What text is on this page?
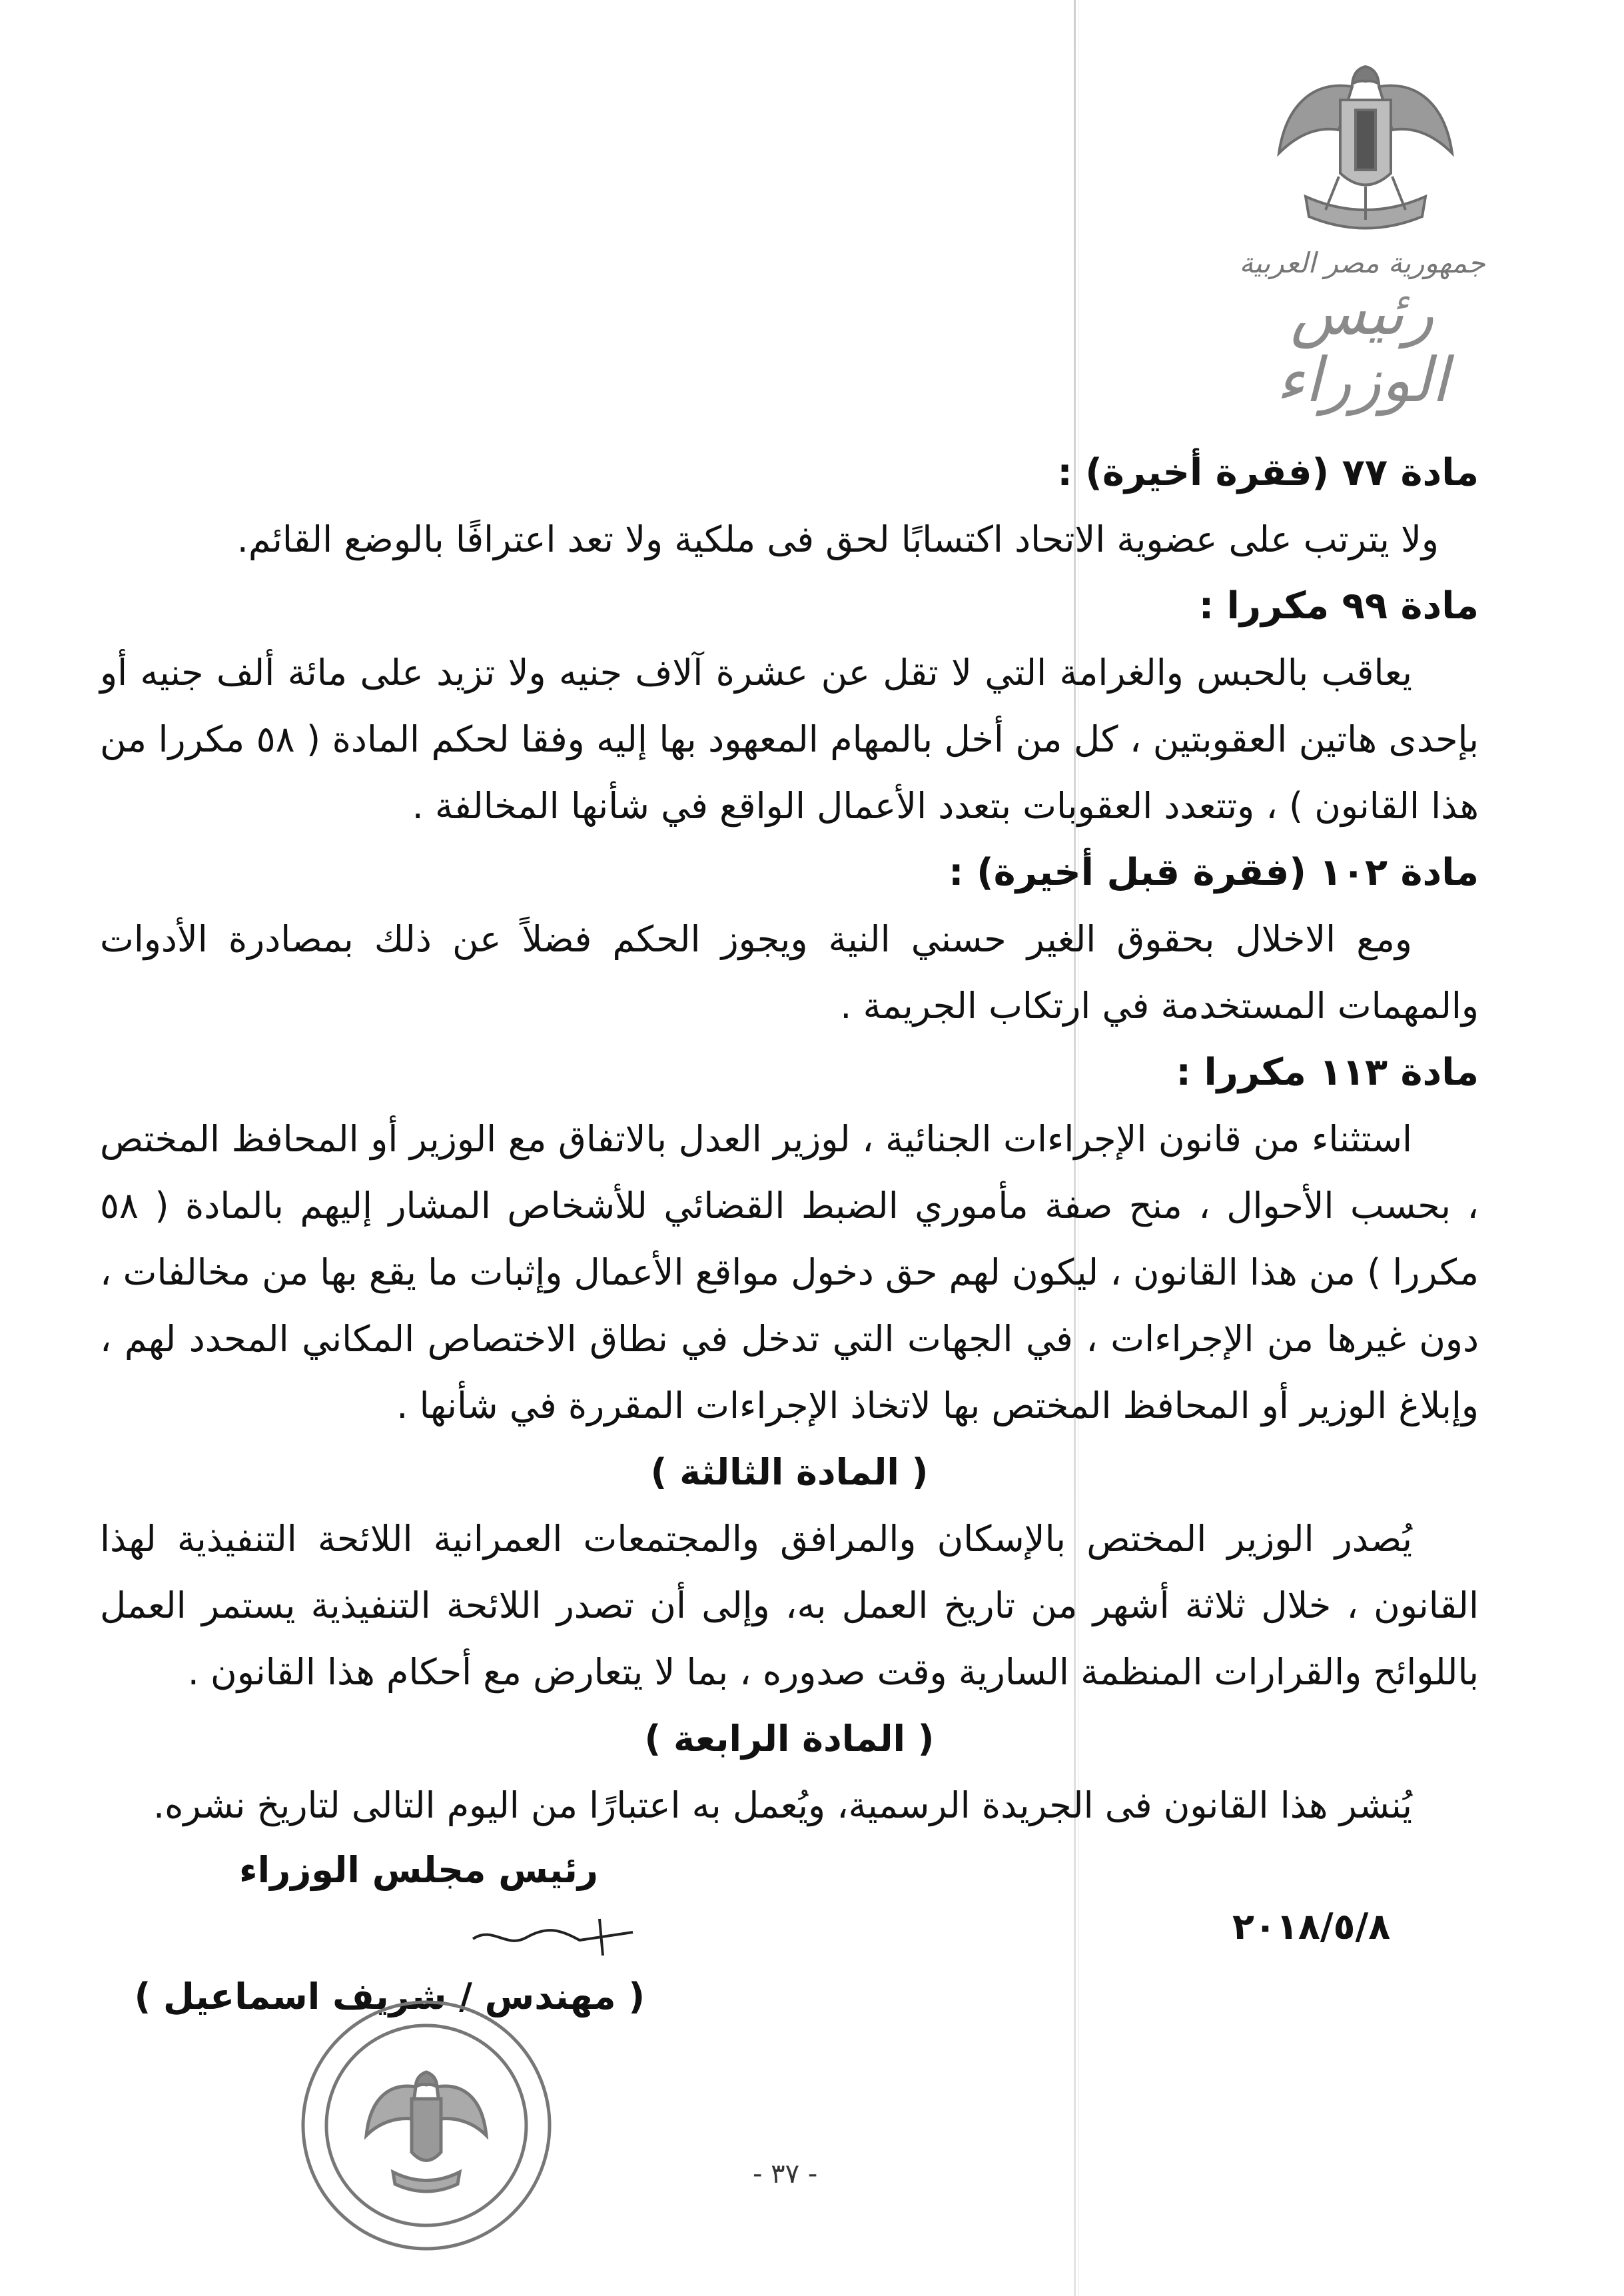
جمهورية مصر العربية
رئيس الوزراء
مادة ٧٧ (فقرة أخيرة) :
ولا يترتب على عضوية الاتحاد اكتسابًا لحق فى ملكية ولا تعد اعترافًا بالوضع القائم.
مادة ٩٩ مكررا :
يعاقب بالحبس والغرامة التي لا تقل عن عشرة آلاف جنيه ولا تزيد على مائة ألف جنيه أو بإحدى هاتين العقوبتين ، كل من أخل بالمهام المعهود بها إليه وفقا لحكم المادة ( ٥٨ مكررا من هذا القانون ) ، وتتعدد العقوبات بتعدد الأعمال الواقع في شأنها المخالفة .
مادة ١٠٢ (فقرة قبل أخيرة) :
ومع الاخلال بحقوق الغير حسني النية ويجوز الحكم فضلاً عن ذلك بمصادرة الأدوات والمهمات المستخدمة في ارتكاب الجريمة .
مادة ١١٣ مكررا :
استثناء من قانون الإجراءات الجنائية ، لوزير العدل بالاتفاق مع الوزير أو المحافظ المختص ، بحسب الأحوال ، منح صفة مأموري الضبط القضائي للأشخاص المشار إليهم بالمادة ( ٥٨ مكررا ) من هذا القانون ، ليكون لهم حق دخول مواقع الأعمال وإثبات ما يقع بها من مخالفات ، دون غيرها من الإجراءات ، في الجهات التي تدخل في نطاق الاختصاص المكاني المحدد لهم ، وإبلاغ الوزير أو المحافظ المختص بها لاتخاذ الإجراءات المقررة في شأنها .
( المادة الثالثة )
يُصدر الوزير المختص بالإسكان والمرافق والمجتمعات العمرانية اللائحة التنفيذية لهذا القانون ، خلال ثلاثة أشهر من تاريخ العمل به، وإلى أن تصدر اللائحة التنفيذية يستمر العمل باللوائح والقرارات المنظمة السارية وقت صدوره ، بما لا يتعارض مع أحكام هذا القانون .
( المادة الرابعة )
يُنشر هذا القانون فى الجريدة الرسمية، ويُعمل به اعتبارًا من اليوم التالى لتاريخ نشره.
رئيس مجلس الوزراء
٢٠١٨/٥/٨
( مهندس / شريف اسماعيل )
- ٣٧ -
